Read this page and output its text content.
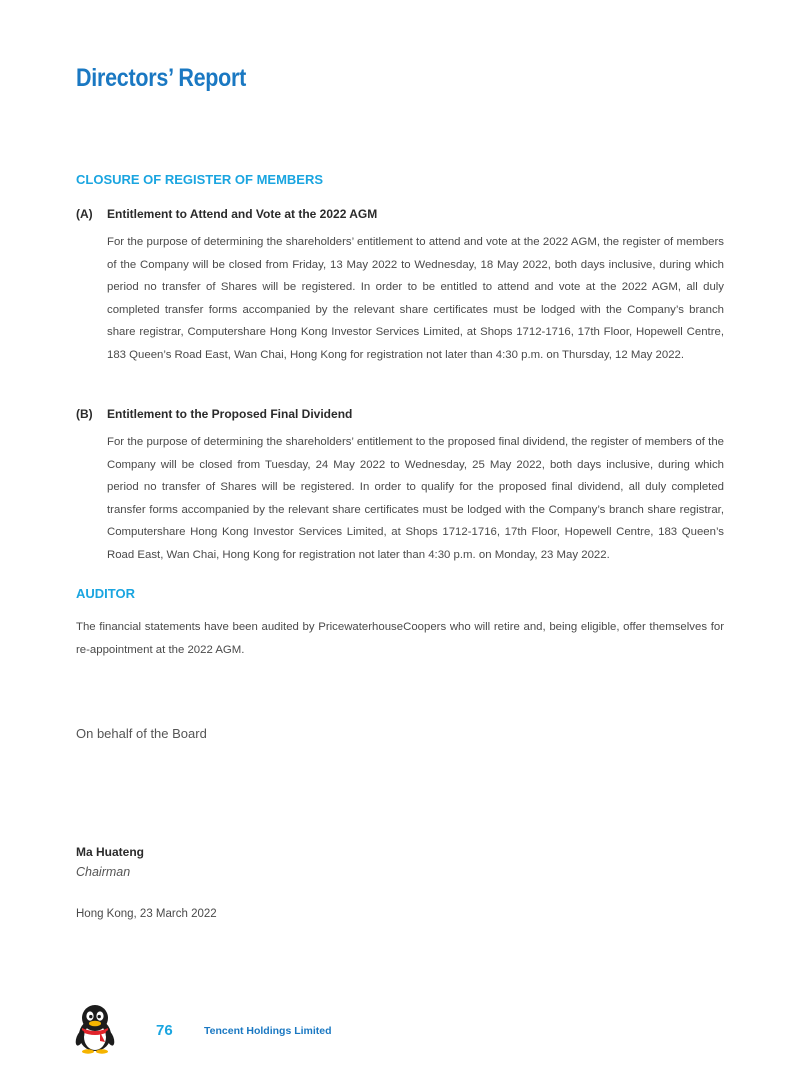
Directors’ Report
CLOSURE OF REGISTER OF MEMBERS
(A) Entitlement to Attend and Vote at the 2022 AGM

For the purpose of determining the shareholders’ entitlement to attend and vote at the 2022 AGM, the register of members of the Company will be closed from Friday, 13 May 2022 to Wednesday, 18 May 2022, both days inclusive, during which period no transfer of Shares will be registered. In order to be entitled to attend and vote at the 2022 AGM, all duly completed transfer forms accompanied by the relevant share certificates must be lodged with the Company’s branch share registrar, Computershare Hong Kong Investor Services Limited, at Shops 1712-1716, 17th Floor, Hopewell Centre, 183 Queen’s Road East, Wan Chai, Hong Kong for registration not later than 4:30 p.m. on Thursday, 12 May 2022.

(B) Entitlement to the Proposed Final Dividend

For the purpose of determining the shareholders’ entitlement to the proposed final dividend, the register of members of the Company will be closed from Tuesday, 24 May 2022 to Wednesday, 25 May 2022, both days inclusive, during which period no transfer of Shares will be registered. In order to qualify for the proposed final dividend, all duly completed transfer forms accompanied by the relevant share certificates must be lodged with the Company’s branch share registrar, Computershare Hong Kong Investor Services Limited, at Shops 1712-1716, 17th Floor, Hopewell Centre, 183 Queen’s Road East, Wan Chai, Hong Kong for registration not later than 4:30 p.m. on Monday, 23 May 2022.

AUDITOR

The financial statements have been audited by PricewaterhouseCoopers who will retire and, being eligible, offer themselves for re-appointment at the 2022 AGM.

On behalf of the Board

Ma Huateng

Chairman

Hong Kong, 23 March 2022

76	Tencent Holdings Limited
